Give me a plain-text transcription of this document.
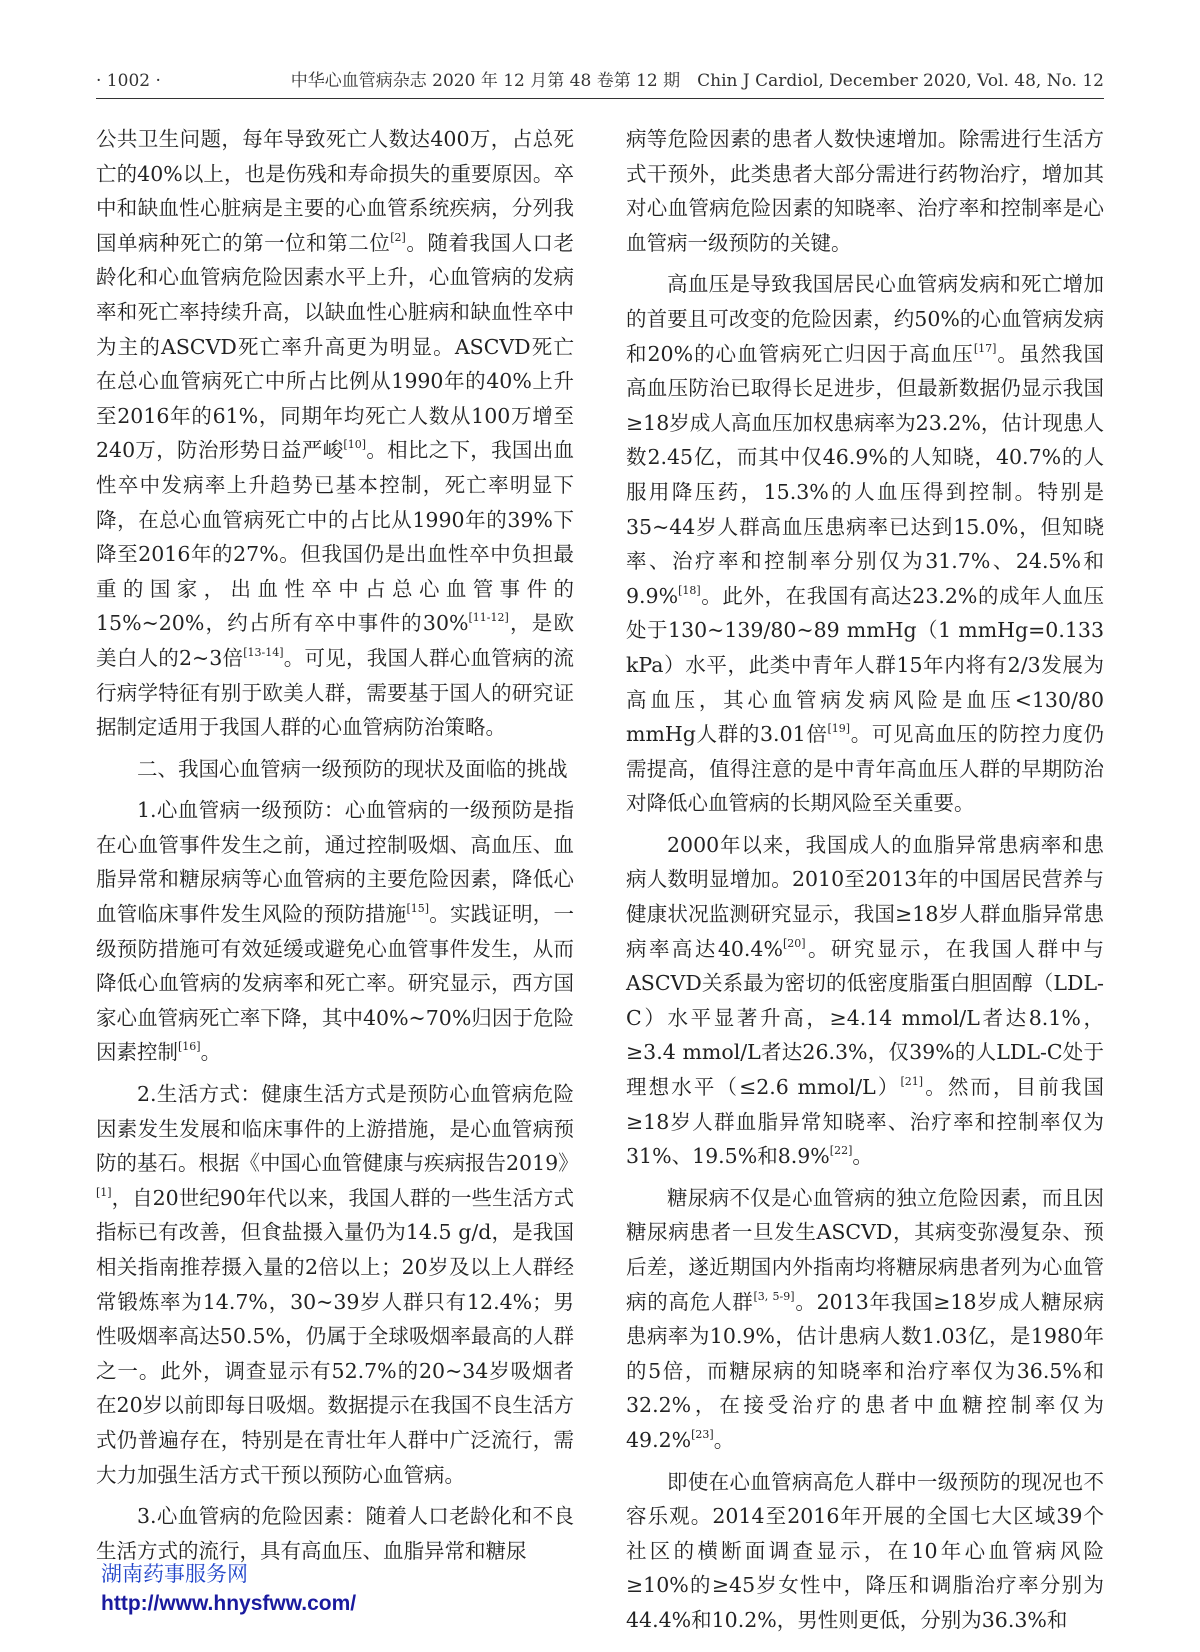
· 1002 ·	中华心血管病杂志 2020 年 12 月第 48 卷第 12 期　Chin J Cardiol, December 2020, Vol. 48, No. 12

公共卫生问题，每年导致死亡人数达400万，占总死亡的40%以上，也是伤残和寿命损失的重要原因。卒中和缺血性心脏病是主要的心血管系统疾病，分列我国单病种死亡的第一位和第二位[2]。随着我国人口老龄化和心血管病危险因素水平上升，心血管病的发病率和死亡率持续升高，以缺血性心脏病和缺血性卒中为主的ASCVD死亡率升高更为明显。ASCVD死亡在总心血管病死亡中所占比例从1990年的40%上升至2016年的61%，同期年均死亡人数从100万增至240万，防治形势日益严峻[10]。相比之下，我国出血性卒中发病率上升趋势已基本控制，死亡率明显下降，在总心血管病死亡中的占比从1990年的39%下降至2016年的27%。但我国仍是出血性卒中负担最重的国家，出血性卒中占总心血管事件的15%~20%，约占所有卒中事件的30%[11-12]，是欧美白人的2~3倍[13-14]。可见，我国人群心血管病的流行病学特征有别于欧美人群，需要基于国人的研究证据制定适用于我国人群的心血管病防治策略。

二、我国心血管病一级预防的现状及面临的挑战

1.心血管病一级预防：心血管病的一级预防是指在心血管事件发生之前，通过控制吸烟、高血压、血脂异常和糖尿病等心血管病的主要危险因素，降低心血管临床事件发生风险的预防措施[15]。实践证明，一级预防措施可有效延缓或避免心血管事件发生，从而降低心血管病的发病率和死亡率。研究显示，西方国家心血管病死亡率下降，其中40%~70%归因于危险因素控制[16]。

2.生活方式：健康生活方式是预防心血管病危险因素发生发展和临床事件的上游措施，是心血管病预防的基石。根据《中国心血管健康与疾病报告2019》[1]，自20世纪90年代以来，我国人群的一些生活方式指标已有改善，但食盐摄入量仍为14.5 g/d，是我国相关指南推荐摄入量的2倍以上；20岁及以上人群经常锻炼率为14.7%，30~39岁人群只有12.4%；男性吸烟率高达50.5%，仍属于全球吸烟率最高的人群之一。此外，调查显示有52.7%的20~34岁吸烟者在20岁以前即每日吸烟。数据提示在我国不良生活方式仍普遍存在，特别是在青壮年人群中广泛流行，需大力加强生活方式干预以预防心血管病。

3.心血管病的危险因素：随着人口老龄化和不良生活方式的流行，具有高血压、血脂异常和糖尿

病等危险因素的患者人数快速增加。除需进行生活方式干预外，此类患者大部分需进行药物治疗，增加其对心血管病危险因素的知晓率、治疗率和控制率是心血管病一级预防的关键。

高血压是导致我国居民心血管病发病和死亡增加的首要且可改变的危险因素，约50%的心血管病发病和20%的心血管病死亡归因于高血压[17]。虽然我国高血压防治已取得长足进步，但最新数据仍显示我国≥18岁成人高血压加权患病率为23.2%，估计现患人数2.45亿，而其中仅46.9%的人知晓，40.7%的人服用降压药，15.3%的人血压得到控制。特别是35~44岁人群高血压患病率已达到15.0%，但知晓率、治疗率和控制率分别仅为31.7%、24.5%和9.9%[18]。此外，在我国有高达23.2%的成年人血压处于130~139/80~89 mmHg（1 mmHg=0.133 kPa）水平，此类中青年人群15年内将有2/3发展为高血压，其心血管病发病风险是血压<130/80 mmHg人群的3.01倍[19]。可见高血压的防控力度仍需提高，值得注意的是中青年高血压人群的早期防治对降低心血管病的长期风险至关重要。

2000年以来，我国成人的血脂异常患病率和患病人数明显增加。2010至2013年的中国居民营养与健康状况监测研究显示，我国≥18岁人群血脂异常患病率高达40.4%[20]。研究显示，在我国人群中与ASCVD关系最为密切的低密度脂蛋白胆固醇（LDL-C）水平显著升高，≥4.14 mmol/L者达8.1%，≥3.4 mmol/L者达26.3%，仅39%的人LDL-C处于理想水平（≤2.6 mmol/L）[21]。然而，目前我国≥18岁人群血脂异常知晓率、治疗率和控制率仅为31%、19.5%和8.9%[22]。

糖尿病不仅是心血管病的独立危险因素，而且因糖尿病患者一旦发生ASCVD，其病变弥漫复杂、预后差，遂近期国内外指南均将糖尿病患者列为心血管病的高危人群[3, 5-9]。2013年我国≥18岁成人糖尿病患病率为10.9%，估计患病人数1.03亿，是1980年的5倍，而糖尿病的知晓率和治疗率仅为36.5%和32.2%，在接受治疗的患者中血糖控制率仅为49.2%[23]。

即使在心血管病高危人群中一级预防的现况也不容乐观。2014至2016年开展的全国七大区域39个社区的横断面调查显示，在10年心血管病风险≥10%的≥45岁女性中，降压和调脂治疗率分别为44.4%和10.2%，男性则更低，分别为36.3%和

湖南药事服务网
http://www.hnysfww.com/
